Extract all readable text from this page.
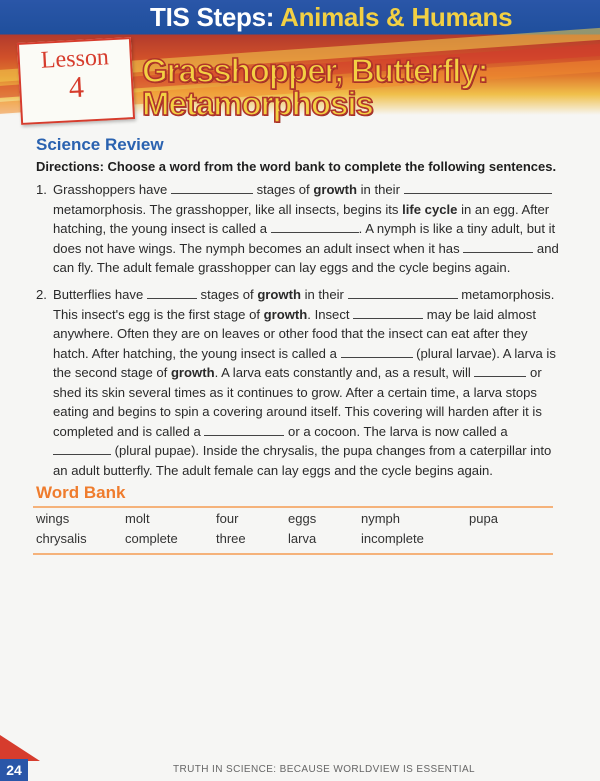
TIS Steps: Animals & Humans
Lesson
4	Grasshopper, Butterfly:
Metamorphosis
Science Review
Directions: Choose a word from the word bank to complete the following sentences.
1. Grasshoppers have	stages of growth in their  metamorphosis. The grasshopper, like all insects, begins its life cycle in an egg. After hatching, the young insect is called a	. A nymph is like a tiny adult, but it does not have wings. The nymph becomes an adult insect when it has	and can fly. The adult female grasshopper can lay eggs and the cycle begins again.
2. Butterflies have	stages of growth in their	metamorphosis. This insect's egg is the first stage of growth. Insect	may be laid almost anywhere. Often they are on leaves or other food that the insect can eat after they hatch. After hatching, the young insect is called a	(plural larvae). A larva is the second stage of growth. A larva eats constantly and, as a result, will	or shed its skin several times as it continues to grow. After a certain time, a larva stops eating and begins to spin a covering around itself. This covering will harden after it is completed and is called a	or a cocoon. The larva is now called a  (plural pupae). Inside the chrysalis, the pupa changes from a caterpillar into an adult butterfly. The adult female can lay eggs and the cycle begins again.
Word Bank
wings	molt	four	eggs	nymph	pupa
chrysalis	complete	three	larva	incomplete
24	TRUTH IN SCIENCE: BECAUSE WORLDVIEW IS ESSENTIAL
